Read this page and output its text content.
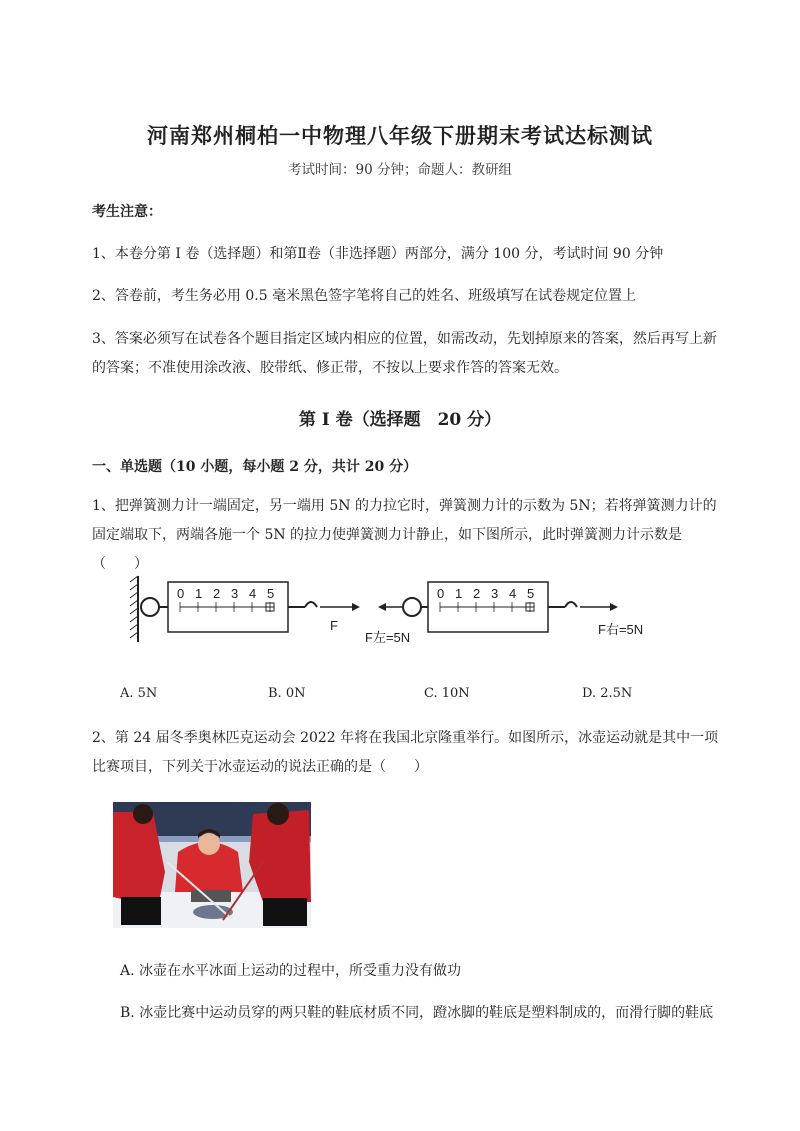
河南郑州桐柏一中物理八年级下册期末考试达标测试
考试时间：90 分钟；命题人：教研组
考生注意：
1、本卷分第 I 卷（选择题）和第Ⅱ卷（非选择题）两部分，满分 100 分，考试时间 90 分钟
2、答卷前，考生务必用 0.5 毫米黑色签字笔将自己的姓名、班级填写在试卷规定位置上
3、答案必须写在试卷各个题目指定区域内相应的位置，如需改动，先划掉原来的答案，然后再写上新的答案；不准使用涂改液、胶带纸、修正带，不按以上要求作答的答案无效。
第 I 卷（选择题　20 分）
一、单选题（10 小题，每小题 2 分，共计 20 分）
1、把弹簧测力计一端固定，另一端用 5N 的力拉它时，弹簧测力计的示数为 5N；若将弹簧测力计的固定端取下，两端各施一个 5N 的拉力使弹簧测力计静止，如下图所示，此时弹簧测力计示数是（　　）
0 1 2 3 4 5
F
0 1 2 3 4 5
F左=5N
F右=5N
A. 5N	B. 0N	C. 10N	D. 2.5N
2、第 24 届冬季奥林匹克运动会 2022 年将在我国北京隆重举行。如图所示，冰壶运动就是其中一项比赛项目，下列关于冰壶运动的说法正确的是（　　）
A. 冰壶在水平冰面上运动的过程中，所受重力没有做功
B. 冰壶比赛中运动员穿的两只鞋的鞋底材质不同，蹬冰脚的鞋底是塑料制成的，而滑行脚的鞋底
